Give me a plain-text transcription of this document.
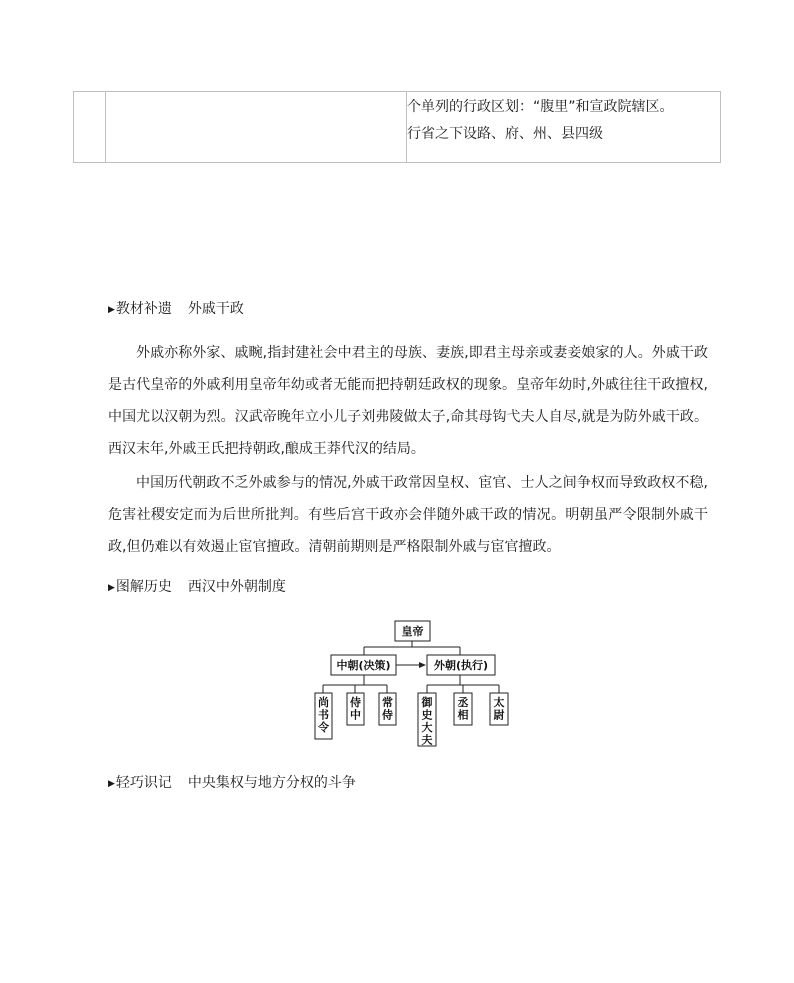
个单列的行政区划：“腹里”和宣政院辖区。
行省之下设路、府、州、县四级
▶教材补遗 外戚干政

外戚亦称外家、戚畹,指封建社会中君主的母族、妻族,即君主母亲或妻妾娘家的人。外戚干政是古代皇帝的外戚利用皇帝年幼或者无能而把持朝廷政权的现象。皇帝年幼时,外戚往往干政擅权,中国尤以汉朝为烈。汉武帝晚年立小儿子刘弗陵做太子,命其母钩弋夫人自尽,就是为防外戚干政。西汉末年,外戚王氏把持朝政,酿成王莽代汉的结局。

中国历代朝政不乏外戚参与的情况,外戚干政常因皇权、宦官、士人之间争权而导致政权不稳,危害社稷安定而为后世所批判。有些后宫干政亦会伴随外戚干政的情况。明朝虽严令限制外戚干政,但仍难以有效遏止宦官擅政。清朝前期则是严格限制外戚与宦官擅政。

▶图解历史 西汉中外朝制度
皇帝
中朝(决策)	外朝(执行)
尚书令
侍中
常侍
御史大夫
丞相
太尉
▶轻巧识记 中央集权与地方分权的斗争
